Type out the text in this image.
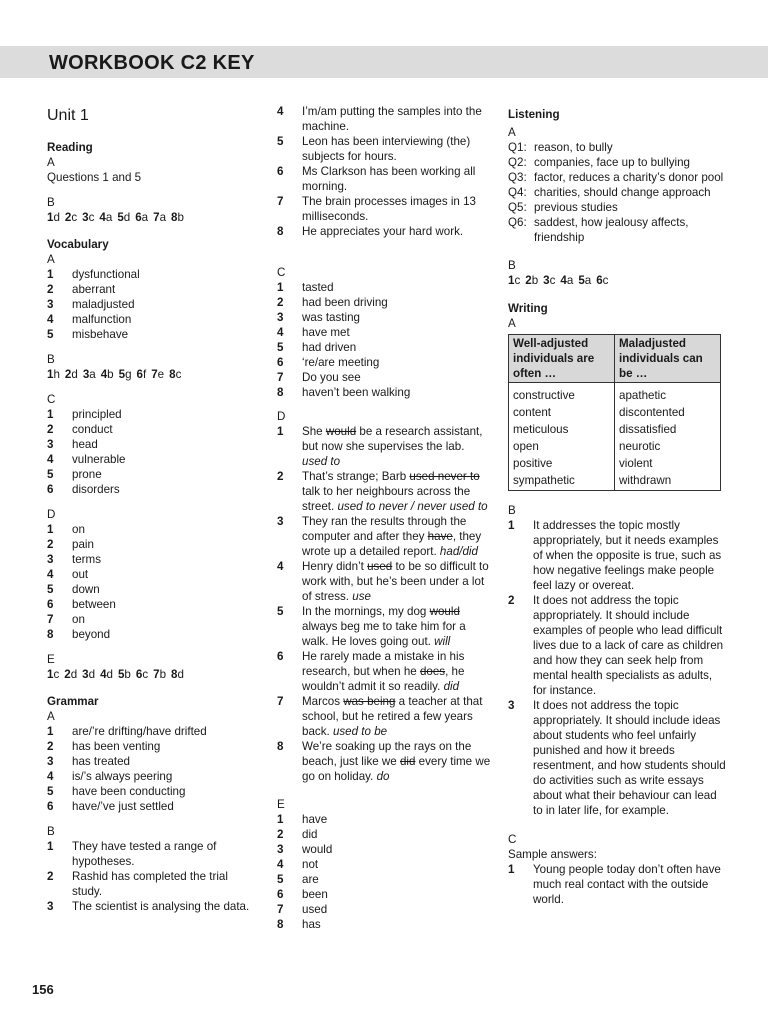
WORKBOOK C2 KEY
Unit 1
Reading
A
Questions 1 and 5
B
1d 2c 3c 4a 5d 6a 7a 8b
Vocabulary
A
1	dysfunctional
2	aberrant
3	maladjusted
4	malfunction
5	misbehave
B
1h 2d 3a 4b 5g 6f 7e 8c
C
1	principled
2	conduct
3	head
4	vulnerable
5	prone
6	disorders
D
1	on
2	pain
3	terms
4	out
5	down
6	between
7	on
8	beyond
E
1c 2d 3d 4d 5b 6c 7b 8d
Grammar
A
1	are/’re drifting/have drifted
2	has been venting
3	has treated
4	is/’s always peering
5	have been conducting
6	have/’ve just settled
B
1	They have tested a range of hypotheses.
2	Rashid has completed the trial study.
3	The scientist is analysing the data.
4	I’m/am putting the samples into the machine.
5	Leon has been interviewing (the) subjects for hours.
6	Ms Clarkson has been working all morning.
7	The brain processes images in 13 milliseconds.
8	He appreciates your hard work.
C
1	tasted
2	had been driving
3	was tasting
4	have met
5	had driven
6	‘re/are meeting
7	Do you see
8	haven’t been walking
D
1	She would be a research assistant, but now she supervises the lab. used to
2	That’s strange; Barb used never to talk to her neighbours across the street. used to never / never used to
3	They ran the results through the computer and after they have, they wrote up a detailed report. had/did
4	Henry didn’t used to be so difficult to work with, but he’s been under a lot of stress. use
5	In the mornings, my dog would always beg me to take him for a walk. He loves going out. will
6	He rarely made a mistake in his research, but when he does, he wouldn’t admit it so readily. did
7	Marcos was being a teacher at that school, but he retired a few years back. used to be
8	We’re soaking up the rays on the beach, just like we did every time we go on holiday. do
E
1	have
2	did
3	would
4	not
5	are
6	been
7	used
8	has
Listening
A
Q1: reason, to bully
Q2: companies, face up to bullying
Q3: factor, reduces a charity’s donor pool
Q4: charities, should change approach
Q5: previous studies
Q6: saddest, how jealousy affects, friendship
B
1c 2b 3c 4a 5a 6c
Writing
A
Well-adjusted individuals are often …	Maladjusted individuals can be …
constructive	apathetic
content	discontented
meticulous	dissatisfied
open	neurotic
positive	violent
sympathetic	withdrawn
B
1	It addresses the topic mostly appropriately, but it needs examples of when the opposite is true, such as how negative feelings make people feel lazy or overeat.
2	It does not address the topic appropriately. It should include examples of people who lead difficult lives due to a lack of care as children and how they can seek help from mental health specialists as adults, for instance.
3	It does not address the topic appropriately. It should include ideas about students who feel unfairly punished and how it breeds resentment, and how students should do activities such as write essays about what their behaviour can lead to in later life, for example.
C
Sample answers:
1	Young people today don’t often have much real contact with the outside world.
156
